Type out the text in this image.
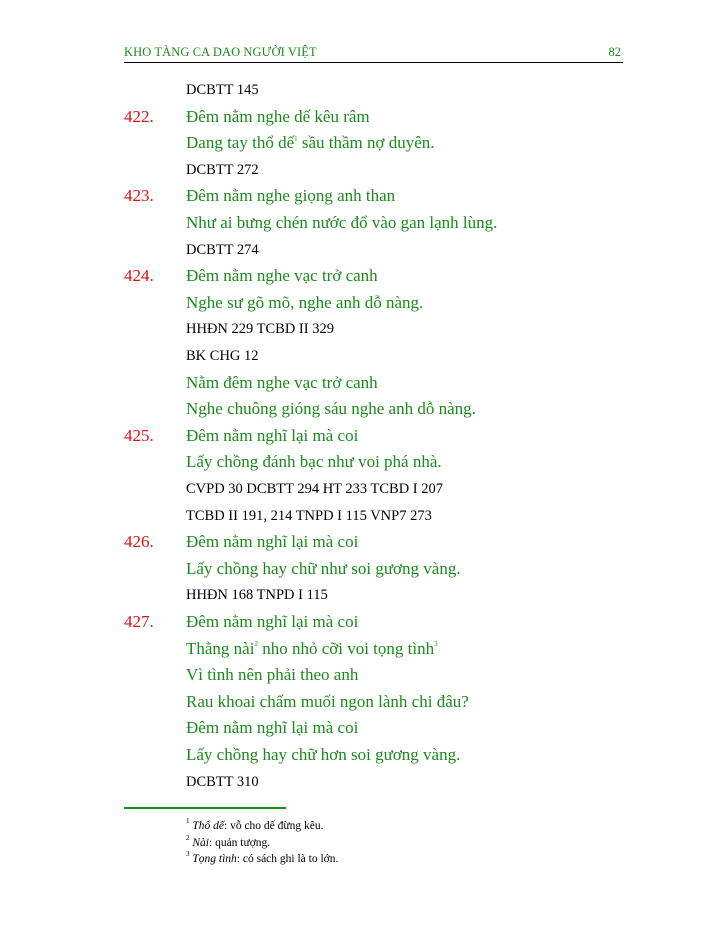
KHO TÀNG CA DAO NGƯỜI VIỆT	82
DCBTT 145
Đêm nằm nghe dế kêu râm
422.
Dang tay thổ dế$^1$ sầu thầm nợ duyên.
DCBTT 272
Đêm nằm nghe giọng anh than
423.
Như ai bưng chén nước đổ vào gan lạnh lùng.
DCBTT 274
Đêm nằm nghe vạc trở canh
424.
Nghe sư gõ mõ, nghe anh dỗ nàng.
HHĐN 229 TCBD II 329
BK CHG 12
Nằm đêm nghe vạc trở canh
Nghe chuông gióng sáu nghe anh dỗ nàng.
Đêm nằm nghĩ lại mà coi
425.
Lấy chồng đánh bạc như voi phá nhà.
CVPD 30 DCBTT 294 HT 233 TCBD I 207
TCBD II 191, 214 TNPD I 115 VNP7 273
Đêm nằm nghĩ lại mà coi
426.
Lấy chồng hay chữ như soi gương vàng.
HHĐN 168 TNPD I 115
Đêm nằm nghĩ lại mà coi
427.
Thằng nài$^2$ nho nhỏ cỡi voi tọng tình$^3$
Vì tình nên phải theo anh
Rau khoai chấm muối ngon lành chi đâu?
Đêm nằm nghĩ lại mà coi
Lấy chồng hay chữ hơn soi gương vàng.
DCBTT 310
$^1$ Thổ dế: vỗ cho dế đừng kêu.
$^2$ Nài: quản tượng.
$^3$ Tọng tình: có sách ghi là to lớn.
